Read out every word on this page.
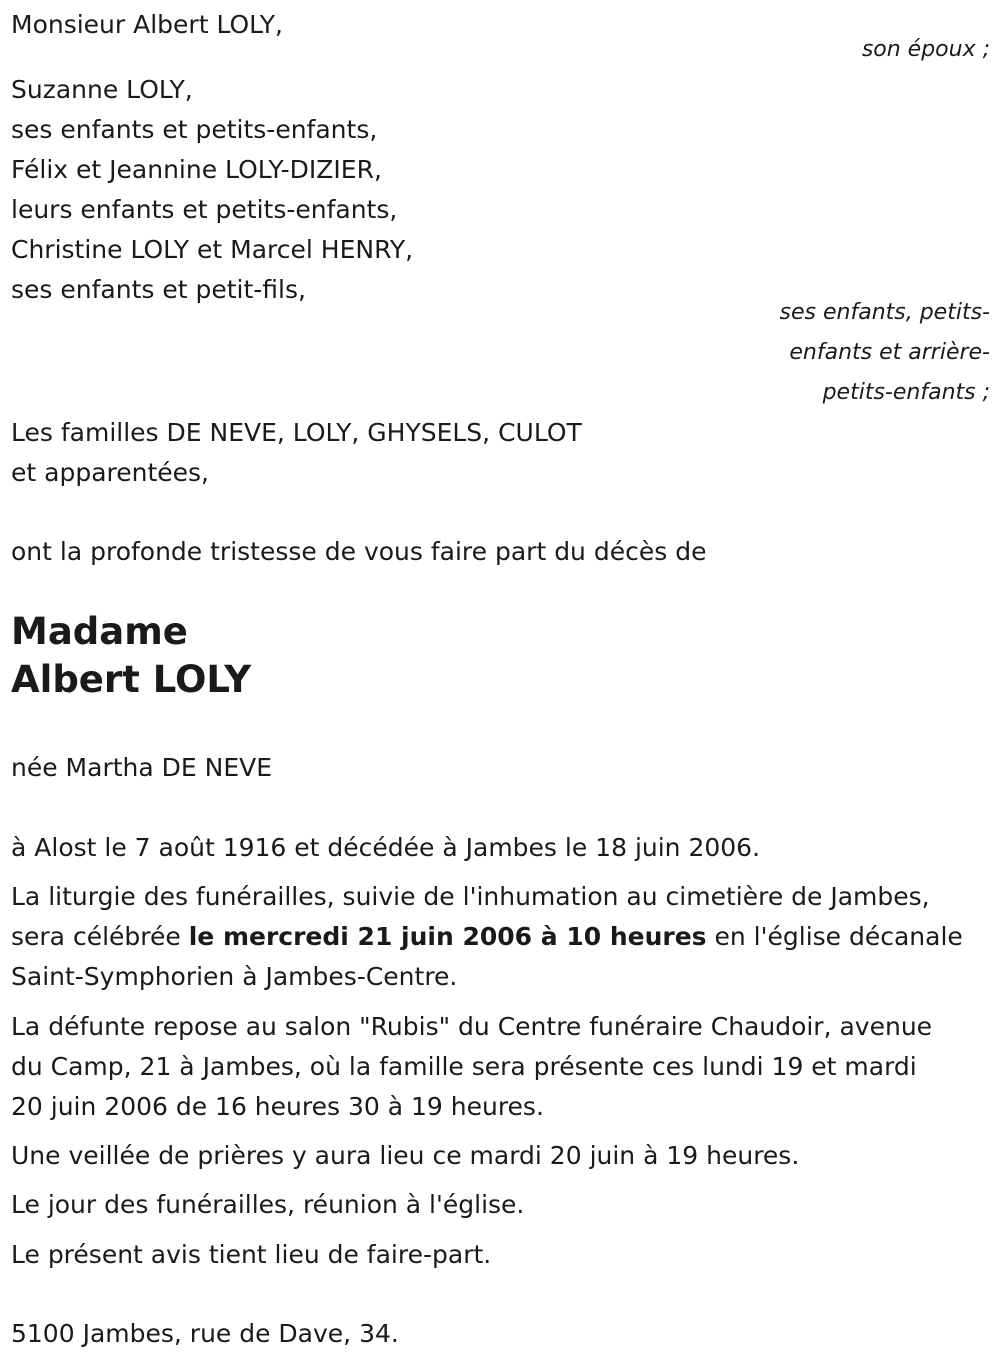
Monsieur Albert LOLY,
son époux ;
Suzanne LOLY,
ses enfants et petits-enfants,
Félix et Jeannine LOLY-DIZIER,
leurs enfants et petits-enfants,
Christine LOLY et Marcel HENRY,
ses enfants et petit-fils,
ses enfants, petits-
enfants et arrière-
petits-enfants ;
Les familles DE NEVE, LOLY, GHYSELS, CULOT
et apparentées,
ont la profonde tristesse de vous faire part du décès de
Madame
Albert LOLY
née Martha DE NEVE
à Alost le 7 août 1916 et décédée à Jambes le 18 juin 2006.
La liturgie des funérailles, suivie de l'inhumation au cimetière de Jambes,
sera célébrée le mercredi 21 juin 2006 à 10 heures en l'église décanale
Saint-Symphorien à Jambes-Centre.
La défunte repose au salon "Rubis" du Centre funéraire Chaudoir, avenue
du Camp, 21 à Jambes, où la famille sera présente ces lundi 19 et mardi
20 juin 2006 de 16 heures 30 à 19 heures.
Une veillée de prières y aura lieu ce mardi 20 juin à 19 heures.
Le jour des funérailles, réunion à l'église.
Le présent avis tient lieu de faire-part.
5100 Jambes, rue de Dave, 34.
